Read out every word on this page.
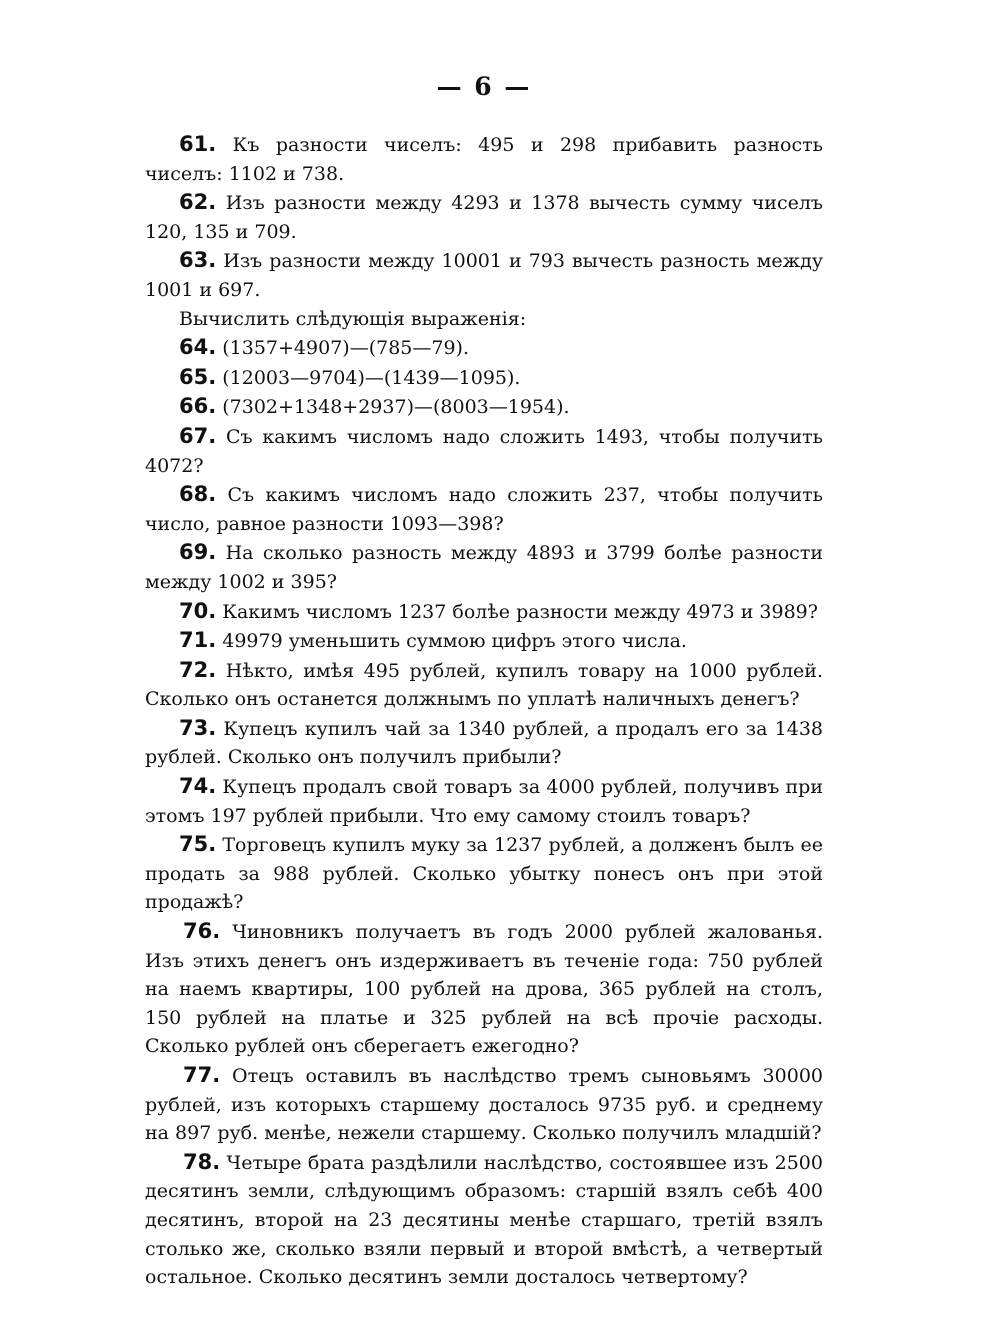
— 6 —

61. Къ разности чиселъ: 495 и 298 прибавить разность чиселъ: 1102 и 738.

62. Изъ разности между 4293 и 1378 вычесть сумму чиселъ 120, 135 и 709.

63. Изъ разности между 10001 и 793 вычесть разность между 1001 и 697.

Вычислить слѣдующія выраженія:

64. (1357+4907)—(785—79).

65. (12003—9704)—(1439—1095).

66. (7302+1348+2937)—(8003—1954).

67. Съ какимъ числомъ надо сложить 1493, чтобы получить 4072?

68. Съ какимъ числомъ надо сложить 237, чтобы получить число, равное разности 1093—398?

69. На сколько разность между 4893 и 3799 болѣе разности между 1002 и 395?

70. Какимъ числомъ 1237 болѣе разности между 4973 и 3989?

71. 49979 уменьшить суммою цифръ этого числа.

72. Нѣкто, имѣя 495 рублей, купилъ товару на 1000 рублей. Сколько онъ останется должнымъ по уплатѣ наличныхъ денегъ?

73. Купецъ купилъ чай за 1340 рублей, а продалъ его за 1438 рублей. Сколько онъ получилъ прибыли?

74. Купецъ продалъ свой товаръ за 4000 рублей, получивъ при этомъ 197 рублей прибыли. Что ему самому стоилъ товаръ?

75. Торговецъ купилъ муку за 1237 рублей, а долженъ былъ ее продать за 988 рублей. Сколько убытку понесъ онъ при этой продажѣ?

76. Чиновникъ получаетъ въ годъ 2000 рублей жалованья. Изъ этихъ денегъ онъ издерживаетъ въ теченіе года: 750 рублей на наемъ квартиры, 100 рублей на дрова, 365 рублей на столъ, 150 рублей на платье и 325 рублей на всѣ прочіе расходы. Сколько рублей онъ сберегаетъ ежегодно?

77. Отецъ оставилъ въ наслѣдство тремъ сыновьямъ 30000 рублей, изъ которыхъ старшему досталось 9735 руб. и среднему на 897 руб. менѣе, нежели старшему. Сколько получилъ младшій?

78. Четыре брата раздѣлили наслѣдство, состоявшее изъ 2500 десятинъ земли, слѣдующимъ образомъ: старшій взялъ себѣ 400 десятинъ, второй на 23 десятины менѣе старшаго, третій взялъ столько же, сколько взяли первый и второй вмѣстѣ, а четвертый остальное. Сколько десятинъ земли досталось четвертому?
